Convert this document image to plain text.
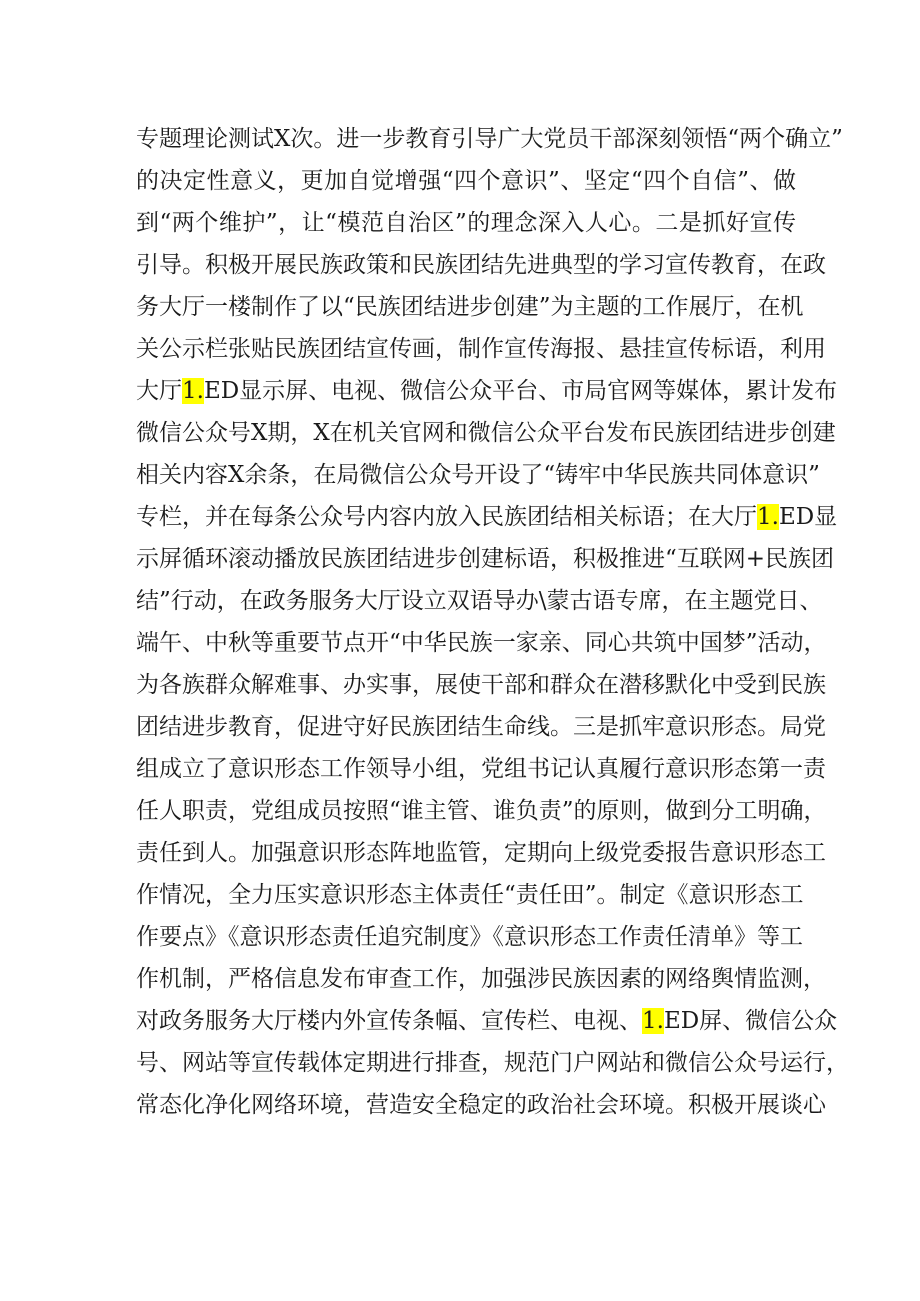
专题理论测试X次。进一步教育引导广大党员干部深刻领悟“两个确立”
的决定性意义，更加自觉增强“四个意识”、坚定“四个自信”、做
到“两个维护”，让“模范自治区”的理念深入人心。二是抓好宣传
引导。积极开展民族政策和民族团结先进典型的学习宣传教育，在政
务大厅一楼制作了以“民族团结进步创建”为主题的工作展厅，在机
关公示栏张贴民族团结宣传画，制作宣传海报、悬挂宣传标语，利用
大厅1.ED显示屏、电视、微信公众平台、市局官网等媒体，累计发布
微信公众号X期，X在机关官网和微信公众平台发布民族团结进步创建
相关内容X余条，在局微信公众号开设了“铸牢中华民族共同体意识”
专栏，并在每条公众号内容内放入民族团结相关标语；在大厅1.ED显
示屏循环滚动播放民族团结进步创建标语，积极推进“互联网+民族团
结”行动，在政务服务大厅设立双语导办\蒙古语专席，在主题党日、
端午、中秋等重要节点开“中华民族一家亲、同心共筑中国梦”活动，
为各族群众解难事、办实事，展使干部和群众在潜移默化中受到民族
团结进步教育，促进守好民族团结生命线。三是抓牢意识形态。局党
组成立了意识形态工作领导小组，党组书记认真履行意识形态第一责
任人职责，党组成员按照“谁主管、谁负责”的原则，做到分工明确，
责任到人。加强意识形态阵地监管，定期向上级党委报告意识形态工
作情况，全力压实意识形态主体责任“责任田”。制定《意识形态工
作要点》《意识形态责任追究制度》《意识形态工作责任清单》等工
作机制，严格信息发布审查工作，加强涉民族因素的网络舆情监测，
对政务服务大厅楼内外宣传条幅、宣传栏、电视、1.ED屏、微信公众
号、网站等宣传载体定期进行排查，规范门户网站和微信公众号运行，
常态化净化网络环境，营造安全稳定的政治社会环境。积极开展谈心
